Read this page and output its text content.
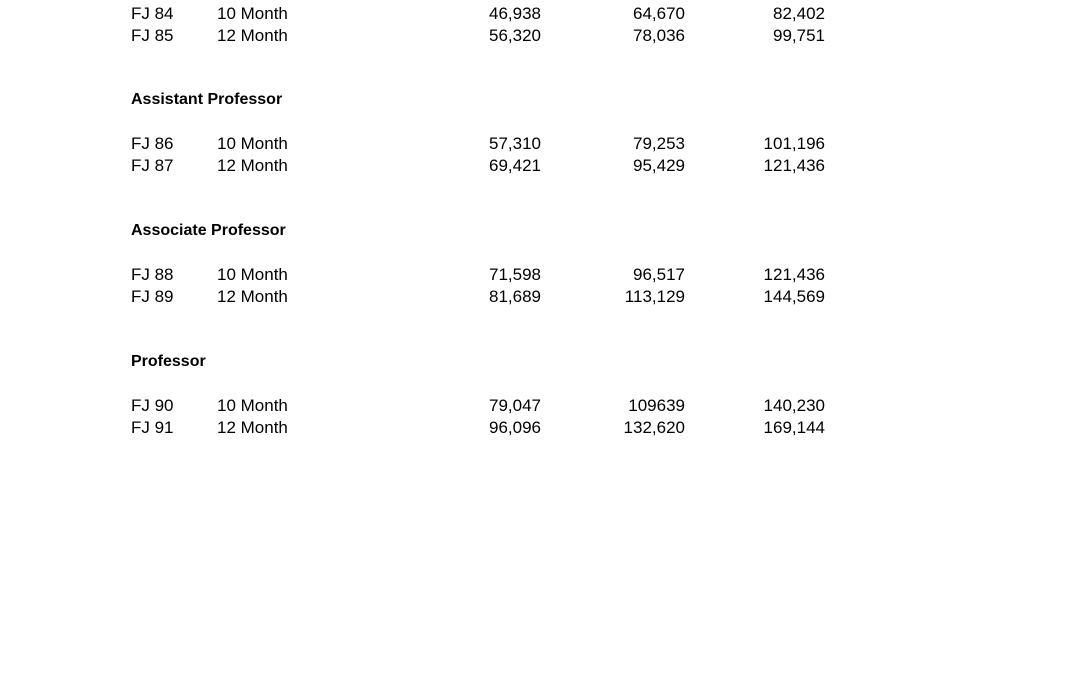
FJ 84	10 Month	46,938	64,670	82,402
FJ 85	12 Month	56,320	78,036	99,751
Assistant Professor
FJ 86	10 Month	57,310	79,253	101,196
FJ 87	12 Month	69,421	95,429	121,436
Associate Professor
FJ 88	10 Month	71,598	96,517	121,436
FJ 89	12 Month	81,689	113,129	144,569
Professor
FJ 90	10 Month	79,047	109639	140,230
FJ 91	12 Month	96,096	132,620	169,144
